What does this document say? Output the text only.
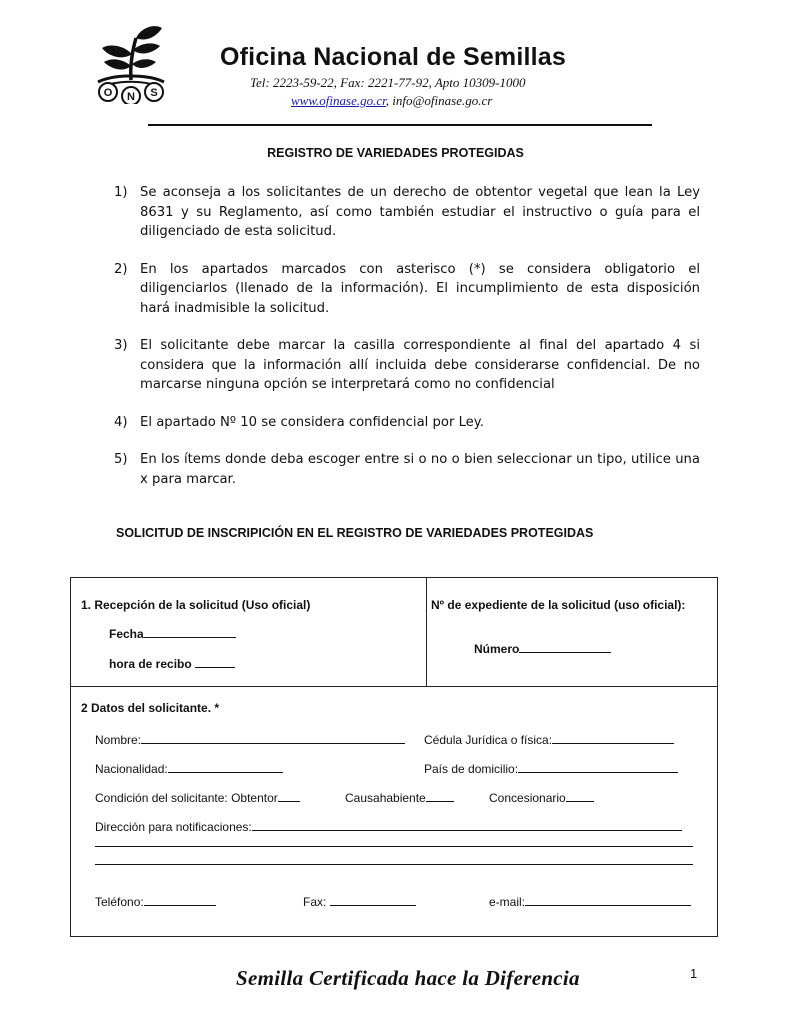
O N S
Oficina Nacional de Semillas
Tel: 2223-59-22, Fax: 2221-77-92, Apto 10309-1000
www.ofinase.go.cr, info@ofinase.go.cr
REGISTRO DE VARIEDADES PROTEGIDAS
1) Se aconseja a los solicitantes de un derecho de obtentor vegetal que lean la Ley 8631 y su Reglamento, así como también estudiar el instructivo o guía para el diligenciado de esta solicitud.
2) En los apartados marcados con asterisco (*) se considera obligatorio el diligenciarlos (llenado de la información). El incumplimiento de esta disposición hará inadmisible la solicitud.
3) El solicitante debe marcar la casilla correspondiente al final del apartado 4 si considera que la información allí incluida debe considerarse confidencial. De no marcarse ninguna opción se interpretará como no confidencial
4) El apartado Nº 10 se considera confidencial por Ley.
5) En los ítems donde deba escoger entre si o no o bien seleccionar un tipo, utilice una x para marcar.
SOLICITUD DE INSCRIPICIÓN EN EL REGISTRO DE VARIEDADES PROTEGIDAS
1. Recepción de la solicitud (Uso oficial)
Fecha
hora de recibo
Nº de expediente de la solicitud (uso oficial):
Número
2 Datos del solicitante. *
Nombre:	Cédula Jurídica o física:
Nacionalidad:	País de domicilio:
Condición del solicitante: Obtentor	Causahabiente	Concesionario
Dirección para notificaciones:
Teléfono:	Fax:	e-mail:
Semilla Certificada hace la Diferencia	1
